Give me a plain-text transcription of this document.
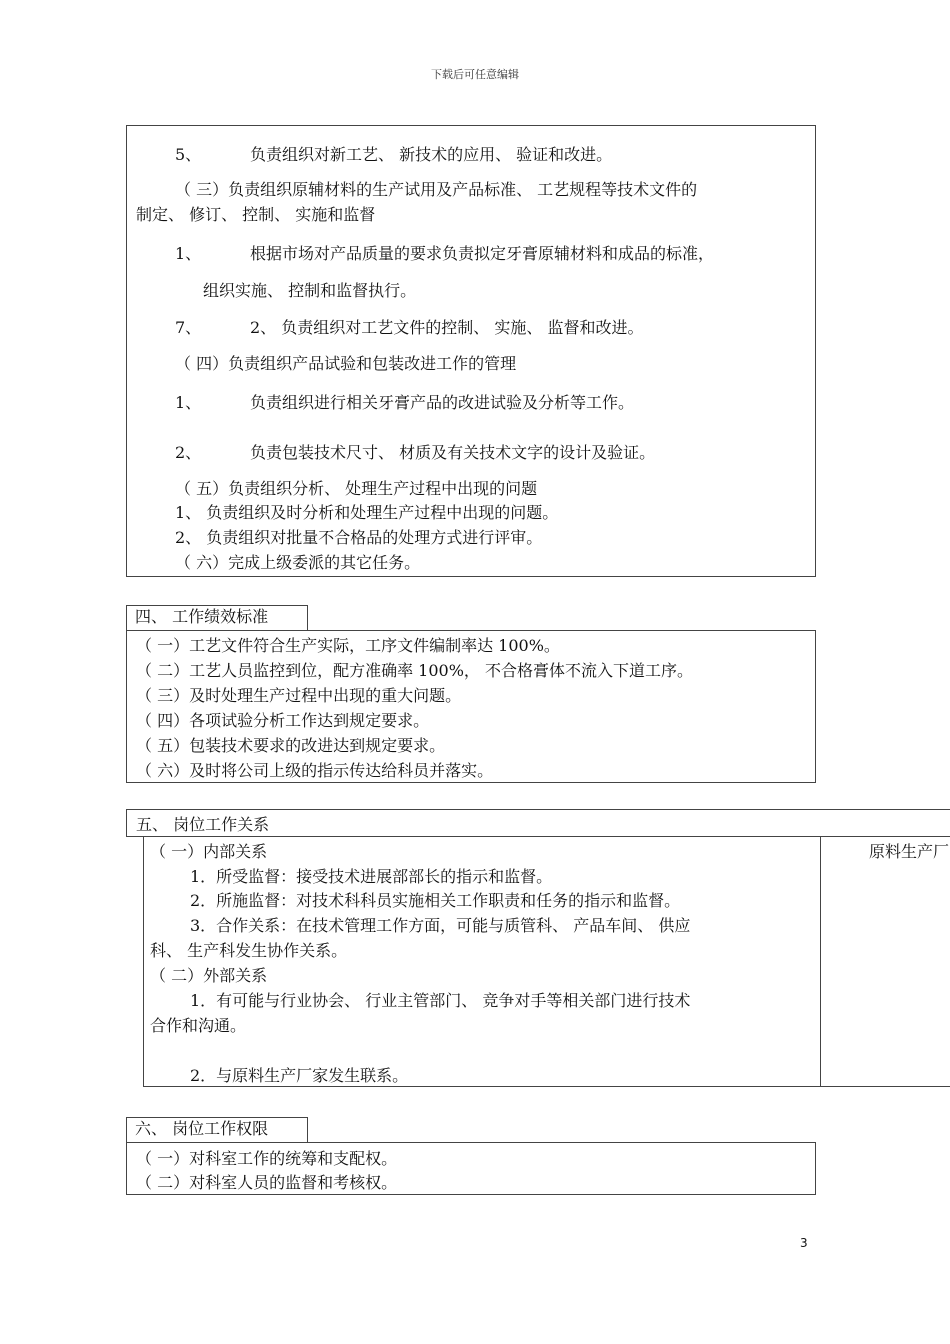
下载后可任意编辑
5、	负责组织对新工艺、 新技术的应用、 验证和改进。
（ 三）负责组织原辅材料的生产试用及产品标准、 工艺规程等技术文件的
制定、 修订、 控制、 实施和监督
1、	根据市场对产品质量的要求负责拟定牙膏原辅材料和成品的标准，
组织实施、 控制和监督执行。
7、	2、 负责组织对工艺文件的控制、 实施、 监督和改进。
（ 四）负责组织产品试验和包装改进工作的管理
1、	负责组织进行相关牙膏产品的改进试验及分析等工作。
2、	负责包装技术尺寸、 材质及有关技术文字的设计及验证。
（ 五）负责组织分析、 处理生产过程中出现的问题
1、 负责组织及时分析和处理生产过程中出现的问题。
2、 负责组织对批量不合格品的处理方式进行评审。
（ 六）完成上级委派的其它任务。
四、 工作绩效标准
（ 一）工艺文件符合生产实际，工序文件编制率达 100%。
（ 二）工艺人员监控到位，配方准确率 100%， 不合格膏体不流入下道工序。
（ 三）及时处理生产过程中出现的重大问题。
（ 四）各项试验分析工作达到规定要求。
（ 五）包装技术要求的改进达到规定要求。
（ 六）及时将公司上级的指示传达给科员并落实。
五、 岗位工作关系
（ 一）内部关系
1．所受监督：接受技术进展部部长的指示和监督。
2．所施监督：对技术科科员实施相关工作职责和任务的指示和监督。
3．合作关系：在技术管理工作方面，可能与质管科、 产品车间、 供应
科、 生产科发生协作关系。
（ 二）外部关系
1．有可能与行业协会、 行业主管部门、 竞争对手等相关部门进行技术
合作和沟通。
2．与原料生产厂家发生联系。
原料生产厂
六、 岗位工作权限
（ 一）对科室工作的统筹和支配权。
（ 二）对科室人员的监督和考核权。
3
